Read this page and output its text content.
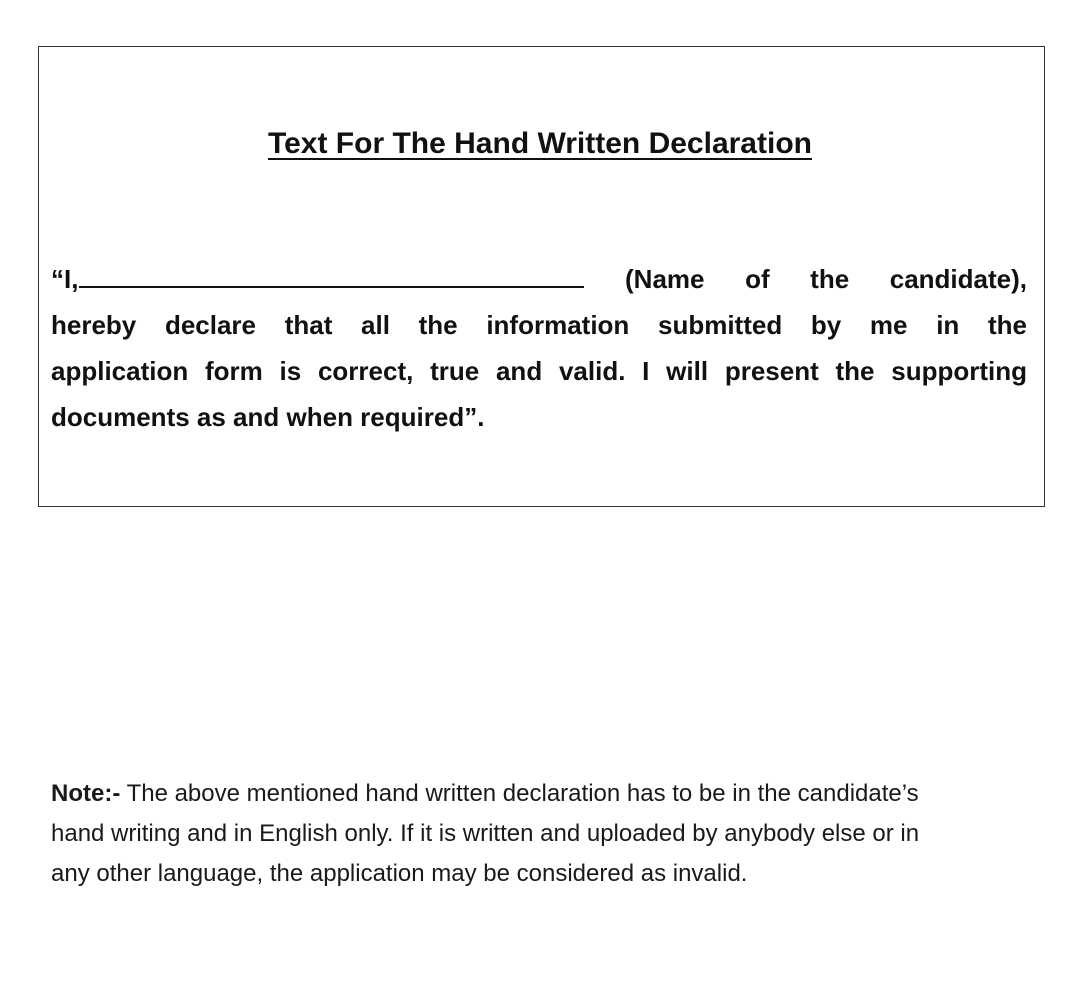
Text For The Hand Written Declaration
“I,	(Name of the candidate),
hereby declare that all the information submitted by me in the
application form is correct, true and valid. I will present the supporting
documents as and when required”.
Note:- The above mentioned hand written declaration has to be in the candidate’s
hand writing and in English only. If it is written and uploaded by anybody else or in
any other language, the application may be considered as invalid.
